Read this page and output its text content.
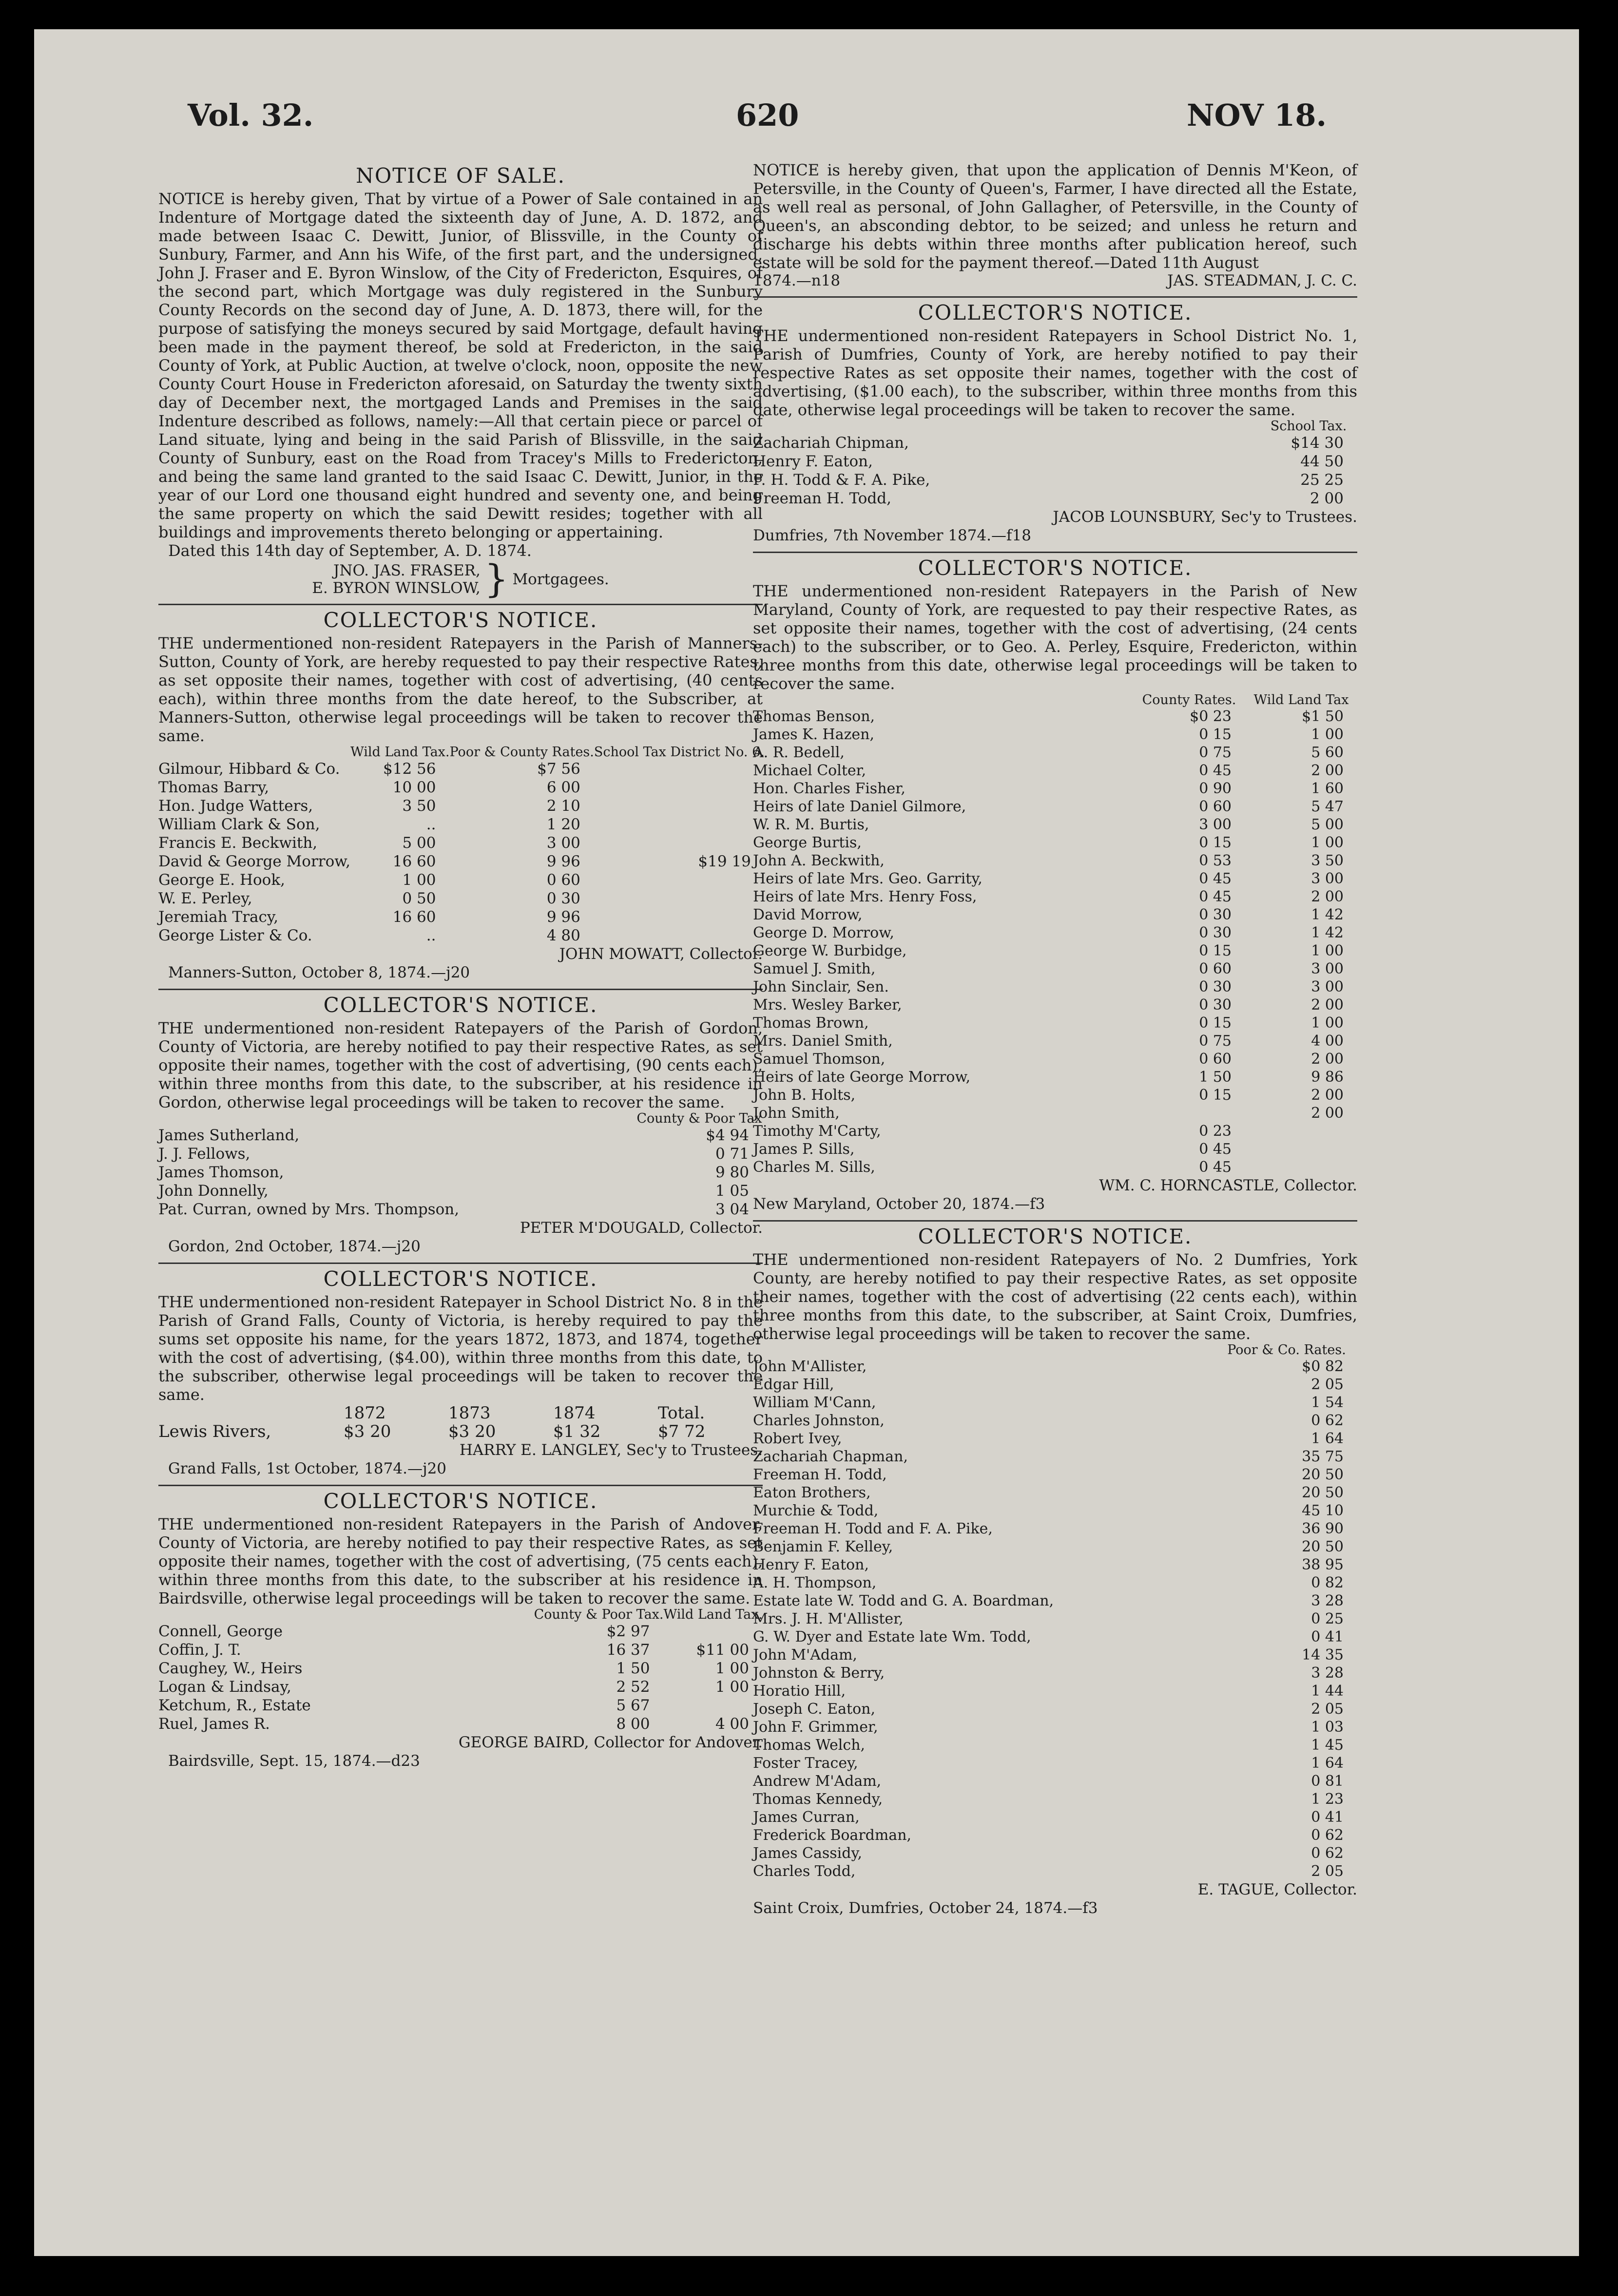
Vol. 32.	620	NOV 18.
NOTICE OF SALE.

NOTICE is hereby given, That by virtue of a Power of Sale contained in an Indenture of Mortgage dated the sixteenth day of June, A. D. 1872, and made between Isaac C. Dewitt, Junior, of Blissville, in the County of Sunbury, Farmer, and Ann his Wife, of the first part, and the undersigned, John J. Fraser and E. Byron Winslow, of the City of Fredericton, Esquires, of the second part, which Mortgage was duly registered in the Sunbury County Records on the second day of June, A. D. 1873, there will, for the purpose of satisfying the moneys secured by said Mortgage, default having been made in the payment thereof, be sold at Fredericton, in the said County of York, at Public Auction, at twelve o'clock, noon, opposite the new County Court House in Fredericton aforesaid, on Saturday the twenty sixth day of December next, the mortgaged Lands and Premises in the said Indenture described as follows, namely:—All that certain piece or parcel of Land situate, lying and being in the said Parish of Blissville, in the said County of Sunbury, east on the Road from Tracey's Mills to Fredericton, and being the same land granted to the said Isaac C. Dewitt, Junior, in the year of our Lord one thousand eight hundred and seventy one, and being the same property on which the said Dewitt resides; together with all buildings and improvements thereto belonging or appertaining.

Dated this 14th day of September, A. D. 1874.
JNO. JAS. FRASER,
E. BYRON WINSLOW, } Mortgagees.
COLLECTOR'S NOTICE.

THE undermentioned non-resident Ratepayers in the Parish of Manners-Sutton, County of York, are hereby requested to pay their respective Rates, as set opposite their names, together with cost of advertising, (40 cents each), within three months from the date hereof, to the Subscriber, at Manners-Sutton, otherwise legal proceedings will be taken to recover the same.

	Wild Land Tax.	Poor & County Rates.	School Tax District No. 6.
Gilmour, Hibbard & Co.	$12 56	$7 56	
Thomas Barry,	10 00	6 00	
Hon. Judge Watters,	3 50	2 10	
William Clark & Son,	..	1 20	
Francis E. Beckwith,	5 00	3 00	
David & George Morrow,	16 60	9 96	$19 19
George E. Hook,	1 00	0 60	
W. E. Perley,	0 50	0 30	
Jeremiah Tracy,	16 60	9 96	
George Lister & Co.	..	4 80	
JOHN MOWATT, Collector.
Manners-Sutton, October 8, 1874.—j20
COLLECTOR'S NOTICE.

THE undermentioned non-resident Ratepayers of the Parish of Gordon, County of Victoria, are hereby notified to pay their respective Rates, as set opposite their names, together with the cost of advertising, (90 cents each), within three months from this date, to the subscriber, at his residence in Gordon, otherwise legal proceedings will be taken to recover the same.

	County & Poor Tax
James Sutherland,	$4 94
J. J. Fellows,	0 71
James Thomson,	9 80
John Donnelly,	1 05
Pat. Curran, owned by Mrs. Thompson,	3 04
PETER M'DOUGALD, Collector.
Gordon, 2nd October, 1874.—j20
COLLECTOR'S NOTICE.

THE undermentioned non-resident Ratepayer in School District No. 8 in the Parish of Grand Falls, County of Victoria, is hereby required to pay the sums set opposite his name, for the years 1872, 1873, and 1874, together with the cost of advertising, ($4.00), within three months from this date, to the subscriber, otherwise legal proceedings will be taken to recover the same.

	1872	1873	1874	Total.
Lewis Rivers,	$3 20	$3 20	$1 32	$7 72
HARRY E. LANGLEY, Sec'y to Trustees.
Grand Falls, 1st October, 1874.—j20
COLLECTOR'S NOTICE.

THE undermentioned non-resident Ratepayers in the Parish of Andover, County of Victoria, are hereby notified to pay their respective Rates, as set opposite their names, together with the cost of advertising, (75 cents each), within three months from this date, to the subscriber at his residence in Bairdsville, otherwise legal proceedings will be taken to recover the same.

	County & Poor Tax.	Wild Land Tax.
Connell, George	$2 97	
Coffin, J. T.	16 37	$11 00
Caughey, W., Heirs	1 50	1 00
Logan & Lindsay,	2 52	1 00
Ketchum, R., Estate	5 67	
Ruel, James R.	8 00	4 00
GEORGE BAIRD, Collector for Andover.
Bairdsville, Sept. 15, 1874.—d23

NOTICE is hereby given, that upon the application of Dennis M'Keon, of Petersville, in the County of Queen's, Farmer, I have directed all the Estate, as well real as personal, of John Gallagher, of Petersville, in the County of Queen's, an absconding debtor, to be seized; and unless he return and discharge his debts within three months after publication hereof, such estate will be sold for the payment thereof.—Dated 11th August

1874.—n18	JAS. STEADMAN, J. C. C.
COLLECTOR'S NOTICE.

THE undermentioned non-resident Ratepayers in School District No. 1, Parish of Dumfries, County of York, are hereby notified to pay their respective Rates as set opposite their names, together with the cost of advertising, ($1.00 each), to the subscriber, within three months from this date, otherwise legal proceedings will be taken to recover the same.

	School Tax.
Zachariah Chipman,	$14 30
Henry F. Eaton,	44 50
F. H. Todd & F. A. Pike,	25 25
Freeman H. Todd,	2 00
JACOB LOUNSBURY, Sec'y to Trustees.
Dumfries, 7th November 1874.—f18
COLLECTOR'S NOTICE.

THE undermentioned non-resident Ratepayers in the Parish of New Maryland, County of York, are requested to pay their respective Rates, as set opposite their names, together with the cost of advertising, (24 cents each) to the subscriber, or to Geo. A. Perley, Esquire, Fredericton, within three months from this date, otherwise legal proceedings will be taken to recover the same.

	County Rates.	Wild Land Tax
Thomas Benson,	$0 23	$1 50
James K. Hazen,	0 15	1 00
A. R. Bedell,	0 75	5 60
Michael Colter,	0 45	2 00
Hon. Charles Fisher,	0 90	1 60
Heirs of late Daniel Gilmore,	0 60	5 47
W. R. M. Burtis,	3 00	5 00
George Burtis,	0 15	1 00
John A. Beckwith,	0 53	3 50
Heirs of late Mrs. Geo. Garrity,	0 45	3 00
Heirs of late Mrs. Henry Foss,	0 45	2 00
David Morrow,	0 30	1 42
George D. Morrow,	0 30	1 42
George W. Burbidge,	0 15	1 00
Samuel J. Smith,	0 60	3 00
John Sinclair, Sen.	0 30	3 00
Mrs. Wesley Barker,	0 30	2 00
Thomas Brown,	0 15	1 00
Mrs. Daniel Smith,	0 75	4 00
Samuel Thomson,	0 60	2 00
Heirs of late George Morrow,	1 50	9 86
John B. Holts,	0 15	2 00
John Smith,		2 00
Timothy M'Carty,	0 23	
James P. Sills,	0 45	
Charles M. Sills,	0 45	
WM. C. HORNCASTLE, Collector.
New Maryland, October 20, 1874.—f3
COLLECTOR'S NOTICE.

THE undermentioned non-resident Ratepayers of No. 2 Dumfries, York County, are hereby notified to pay their respective Rates, as set opposite their names, together with the cost of advertising (22 cents each), within three months from this date, to the subscriber, at Saint Croix, Dumfries, otherwise legal proceedings will be taken to recover the same.

	Poor & Co. Rates.
John M'Allister,	$0 82
Edgar Hill,	2 05
William M'Cann,	1 54
Charles Johnston,	0 62
Robert Ivey,	1 64
Zachariah Chapman,	35 75
Freeman H. Todd,	20 50
Eaton Brothers,	20 50
Murchie & Todd,	45 10
Freeman H. Todd and F. A. Pike,	36 90
Benjamin F. Kelley,	20 50
Henry F. Eaton,	38 95
A. H. Thompson,	0 82
Estate late W. Todd and G. A. Boardman,	3 28
Mrs. J. H. M'Allister,	0 25
G. W. Dyer and Estate late Wm. Todd,	0 41
John M'Adam,	14 35
Johnston & Berry,	3 28
Horatio Hill,	1 44
Joseph C. Eaton,	2 05
John F. Grimmer,	1 03
Thomas Welch,	1 45
Foster Tracey,	1 64
Andrew M'Adam,	0 81
Thomas Kennedy,	1 23
James Curran,	0 41
Frederick Boardman,	0 62
James Cassidy,	0 62
Charles Todd,	2 05
E. TAGUE, Collector.
Saint Croix, Dumfries, October 24, 1874.—f3
